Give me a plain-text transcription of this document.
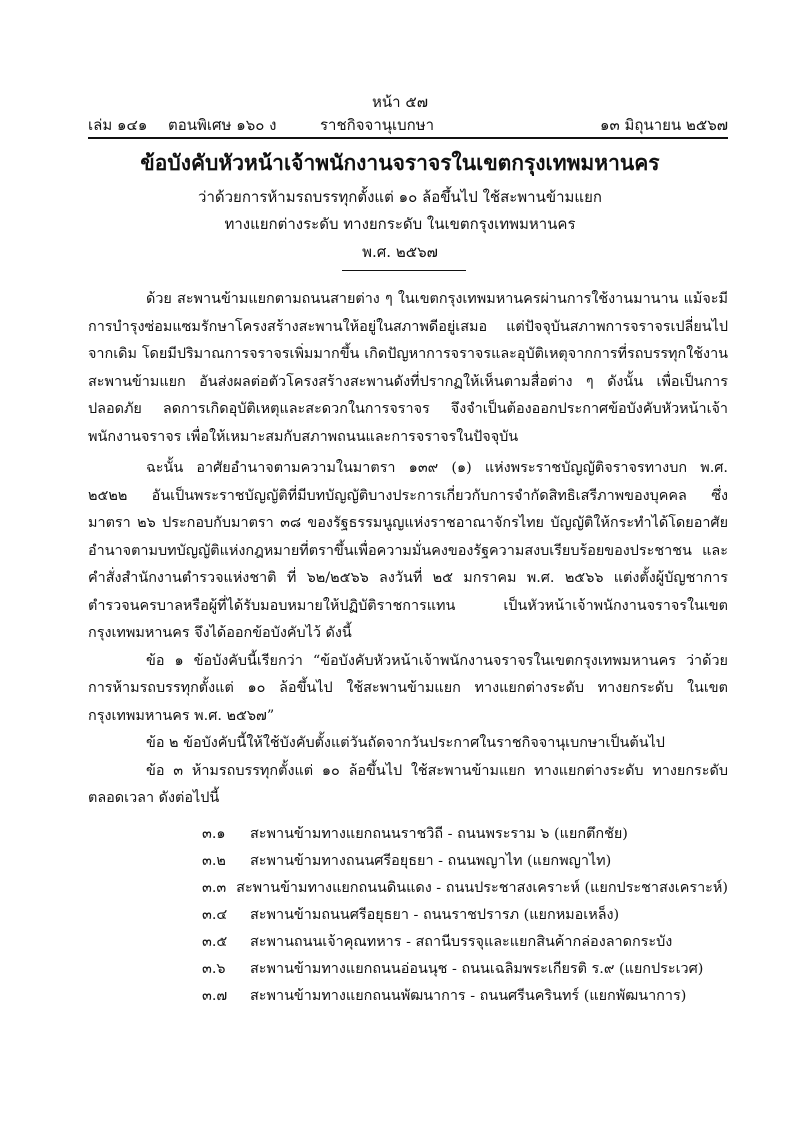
หน้า ๕๗
เล่ม ๑๔๑ ตอนพิเศษ ๑๖๐ ง	ราชกิจจานุเบกษา	๑๓ มิถุนายน ๒๕๖๗
ข้อบังคับหัวหน้าเจ้าพนักงานจราจรในเขตกรุงเทพมหานคร
ว่าด้วยการห้ามรถบรรทุกตั้งแต่ ๑๐ ล้อขึ้นไป ใช้สะพานข้ามแยก
ทางแยกต่างระดับ ทางยกระดับ ในเขตกรุงเทพมหานคร
พ.ศ. ๒๕๖๗

ด้วย สะพานข้ามแยกตามถนนสายต่าง ๆ ในเขตกรุงเทพมหานครผ่านการใช้งานมานาน แม้จะมีการบำรุงซ่อมแซมรักษาโครงสร้างสะพานให้อยู่ในสภาพดีอยู่เสมอ แต่ปัจจุบันสภาพการจราจรเปลี่ยนไปจากเดิม โดยมีปริมาณการจราจรเพิ่มมากขึ้น เกิดปัญหาการจราจรและอุบัติเหตุจากการที่รถบรรทุกใช้งานสะพานข้ามแยก อันส่งผลต่อตัวโครงสร้างสะพานดังที่ปรากฏให้เห็นตามสื่อต่าง ๆ ดังนั้น เพื่อเป็นการปลอดภัย ลดการเกิดอุบัติเหตุและสะดวกในการจราจร จึงจำเป็นต้องออกประกาศข้อบังคับหัวหน้าเจ้าพนักงานจราจร เพื่อให้เหมาะสมกับสภาพถนนและการจราจรในปัจจุบัน

ฉะนั้น อาศัยอำนาจตามความในมาตรา ๑๓๙ (๑) แห่งพระราชบัญญัติจราจรทางบก พ.ศ. ๒๕๒๒ อันเป็นพระราชบัญญัติที่มีบทบัญญัติบางประการเกี่ยวกับการจำกัดสิทธิเสรีภาพของบุคคล ซึ่งมาตรา ๒๖ ประกอบกับมาตรา ๓๘ ของรัฐธรรมนูญแห่งราชอาณาจักรไทย บัญญัติให้กระทำได้โดยอาศัยอำนาจตามบทบัญญัติแห่งกฎหมายที่ตราขึ้นเพื่อความมั่นคงของรัฐความสงบเรียบร้อยของประชาชน และคำสั่งสำนักงานตำรวจแห่งชาติ ที่ ๖๒/๒๕๖๖ ลงวันที่ ๒๕ มกราคม พ.ศ. ๒๕๖๖ แต่งตั้งผู้บัญชาการตำรวจนครบาลหรือผู้ที่ได้รับมอบหมายให้ปฏิบัติราชการแทน เป็นหัวหน้าเจ้าพนักงานจราจรในเขตกรุงเทพมหานคร จึงได้ออกข้อบังคับไว้ ดังนี้

ข้อ ๑ ข้อบังคับนี้เรียกว่า “ข้อบังคับหัวหน้าเจ้าพนักงานจราจรในเขตกรุงเทพมหานคร ว่าด้วยการห้ามรถบรรทุกตั้งแต่ ๑๐ ล้อขึ้นไป ใช้สะพานข้ามแยก ทางแยกต่างระดับ ทางยกระดับ ในเขตกรุงเทพมหานคร พ.ศ. ๒๕๖๗”

ข้อ ๒ ข้อบังคับนี้ให้ใช้บังคับตั้งแต่วันถัดจากวันประกาศในราชกิจจานุเบกษาเป็นต้นไป

ข้อ ๓ ห้ามรถบรรทุกตั้งแต่ ๑๐ ล้อขึ้นไป ใช้สะพานข้ามแยก ทางแยกต่างระดับ ทางยกระดับ ตลอดเวลา ดังต่อไปนี้

๓.๑	สะพานข้ามทางแยกถนนราชวิถี - ถนนพระราม ๖ (แยกตึกชัย)
๓.๒	สะพานข้ามทางถนนศรีอยุธยา - ถนนพญาไท (แยกพญาไท)
๓.๓ สะพานข้ามทางแยกถนนดินแดง - ถนนประชาสงเคราะห์ (แยกประชาสงเคราะห์)
๓.๔	สะพานข้ามถนนศรีอยุธยา - ถนนราชปรารภ (แยกหมอเหล็ง)
๓.๕	สะพานถนนเจ้าคุณทหาร - สถานีบรรจุและแยกสินค้ากล่องลาดกระบัง
๓.๖	สะพานข้ามทางแยกถนนอ่อนนุช - ถนนเฉลิมพระเกียรติ ร.๙ (แยกประเวศ)
๓.๗	สะพานข้ามทางแยกถนนพัฒนาการ - ถนนศรีนครินทร์ (แยกพัฒนาการ)
